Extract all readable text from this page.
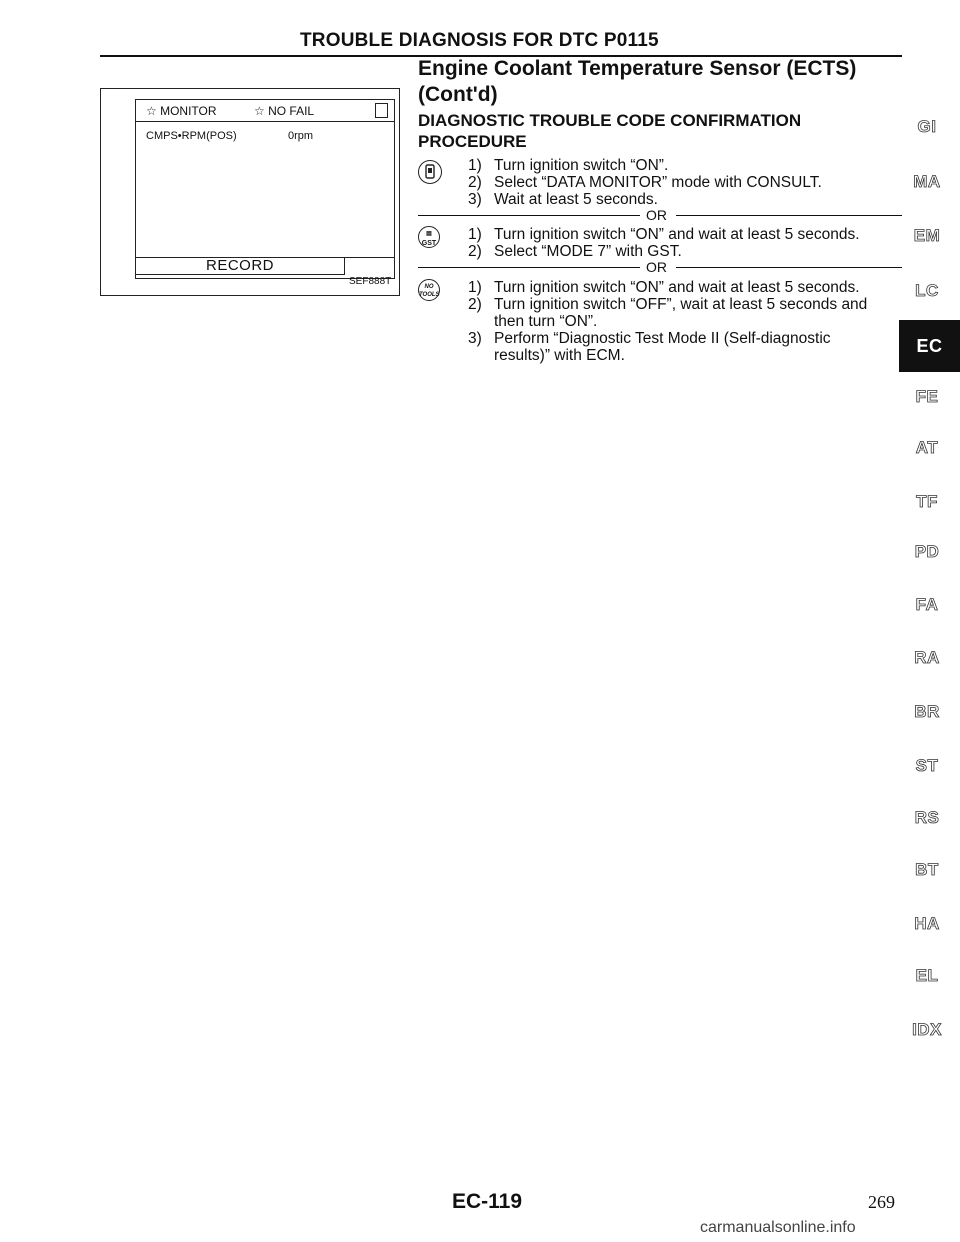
TROUBLE DIAGNOSIS FOR DTC P0115
Engine Coolant Temperature Sensor (ECTS)
(Cont'd)
☆ MONITOR	☆ NO FAIL
CMPS•RPM(POS)	0rpm
RECORD
SEF888T
DIAGNOSTIC TROUBLE CODE CONFIRMATION
PROCEDURE
1) Turn ignition switch “ON”.
2) Select “DATA MONITOR” mode with CONSULT.
3) Wait at least 5 seconds.
OR
▤
GST
1) Turn ignition switch “ON” and wait at least 5 seconds.
2) Select “MODE 7” with GST.
OR
NO TOOLS 1) Turn ignition switch “ON” and wait at least 5 seconds.
2) Turn ignition switch “OFF”, wait at least 5 seconds and
then turn “ON”.
3) Perform “Diagnostic Test Mode II (Self-diagnostic
results)” with ECM.
GI
MA
EM
LC
EC
FE
AT
TF
PD
FA
RA
BR
ST
RS
BT
HA
EL
IDX
EC-119	269
carmanualsonline.info
